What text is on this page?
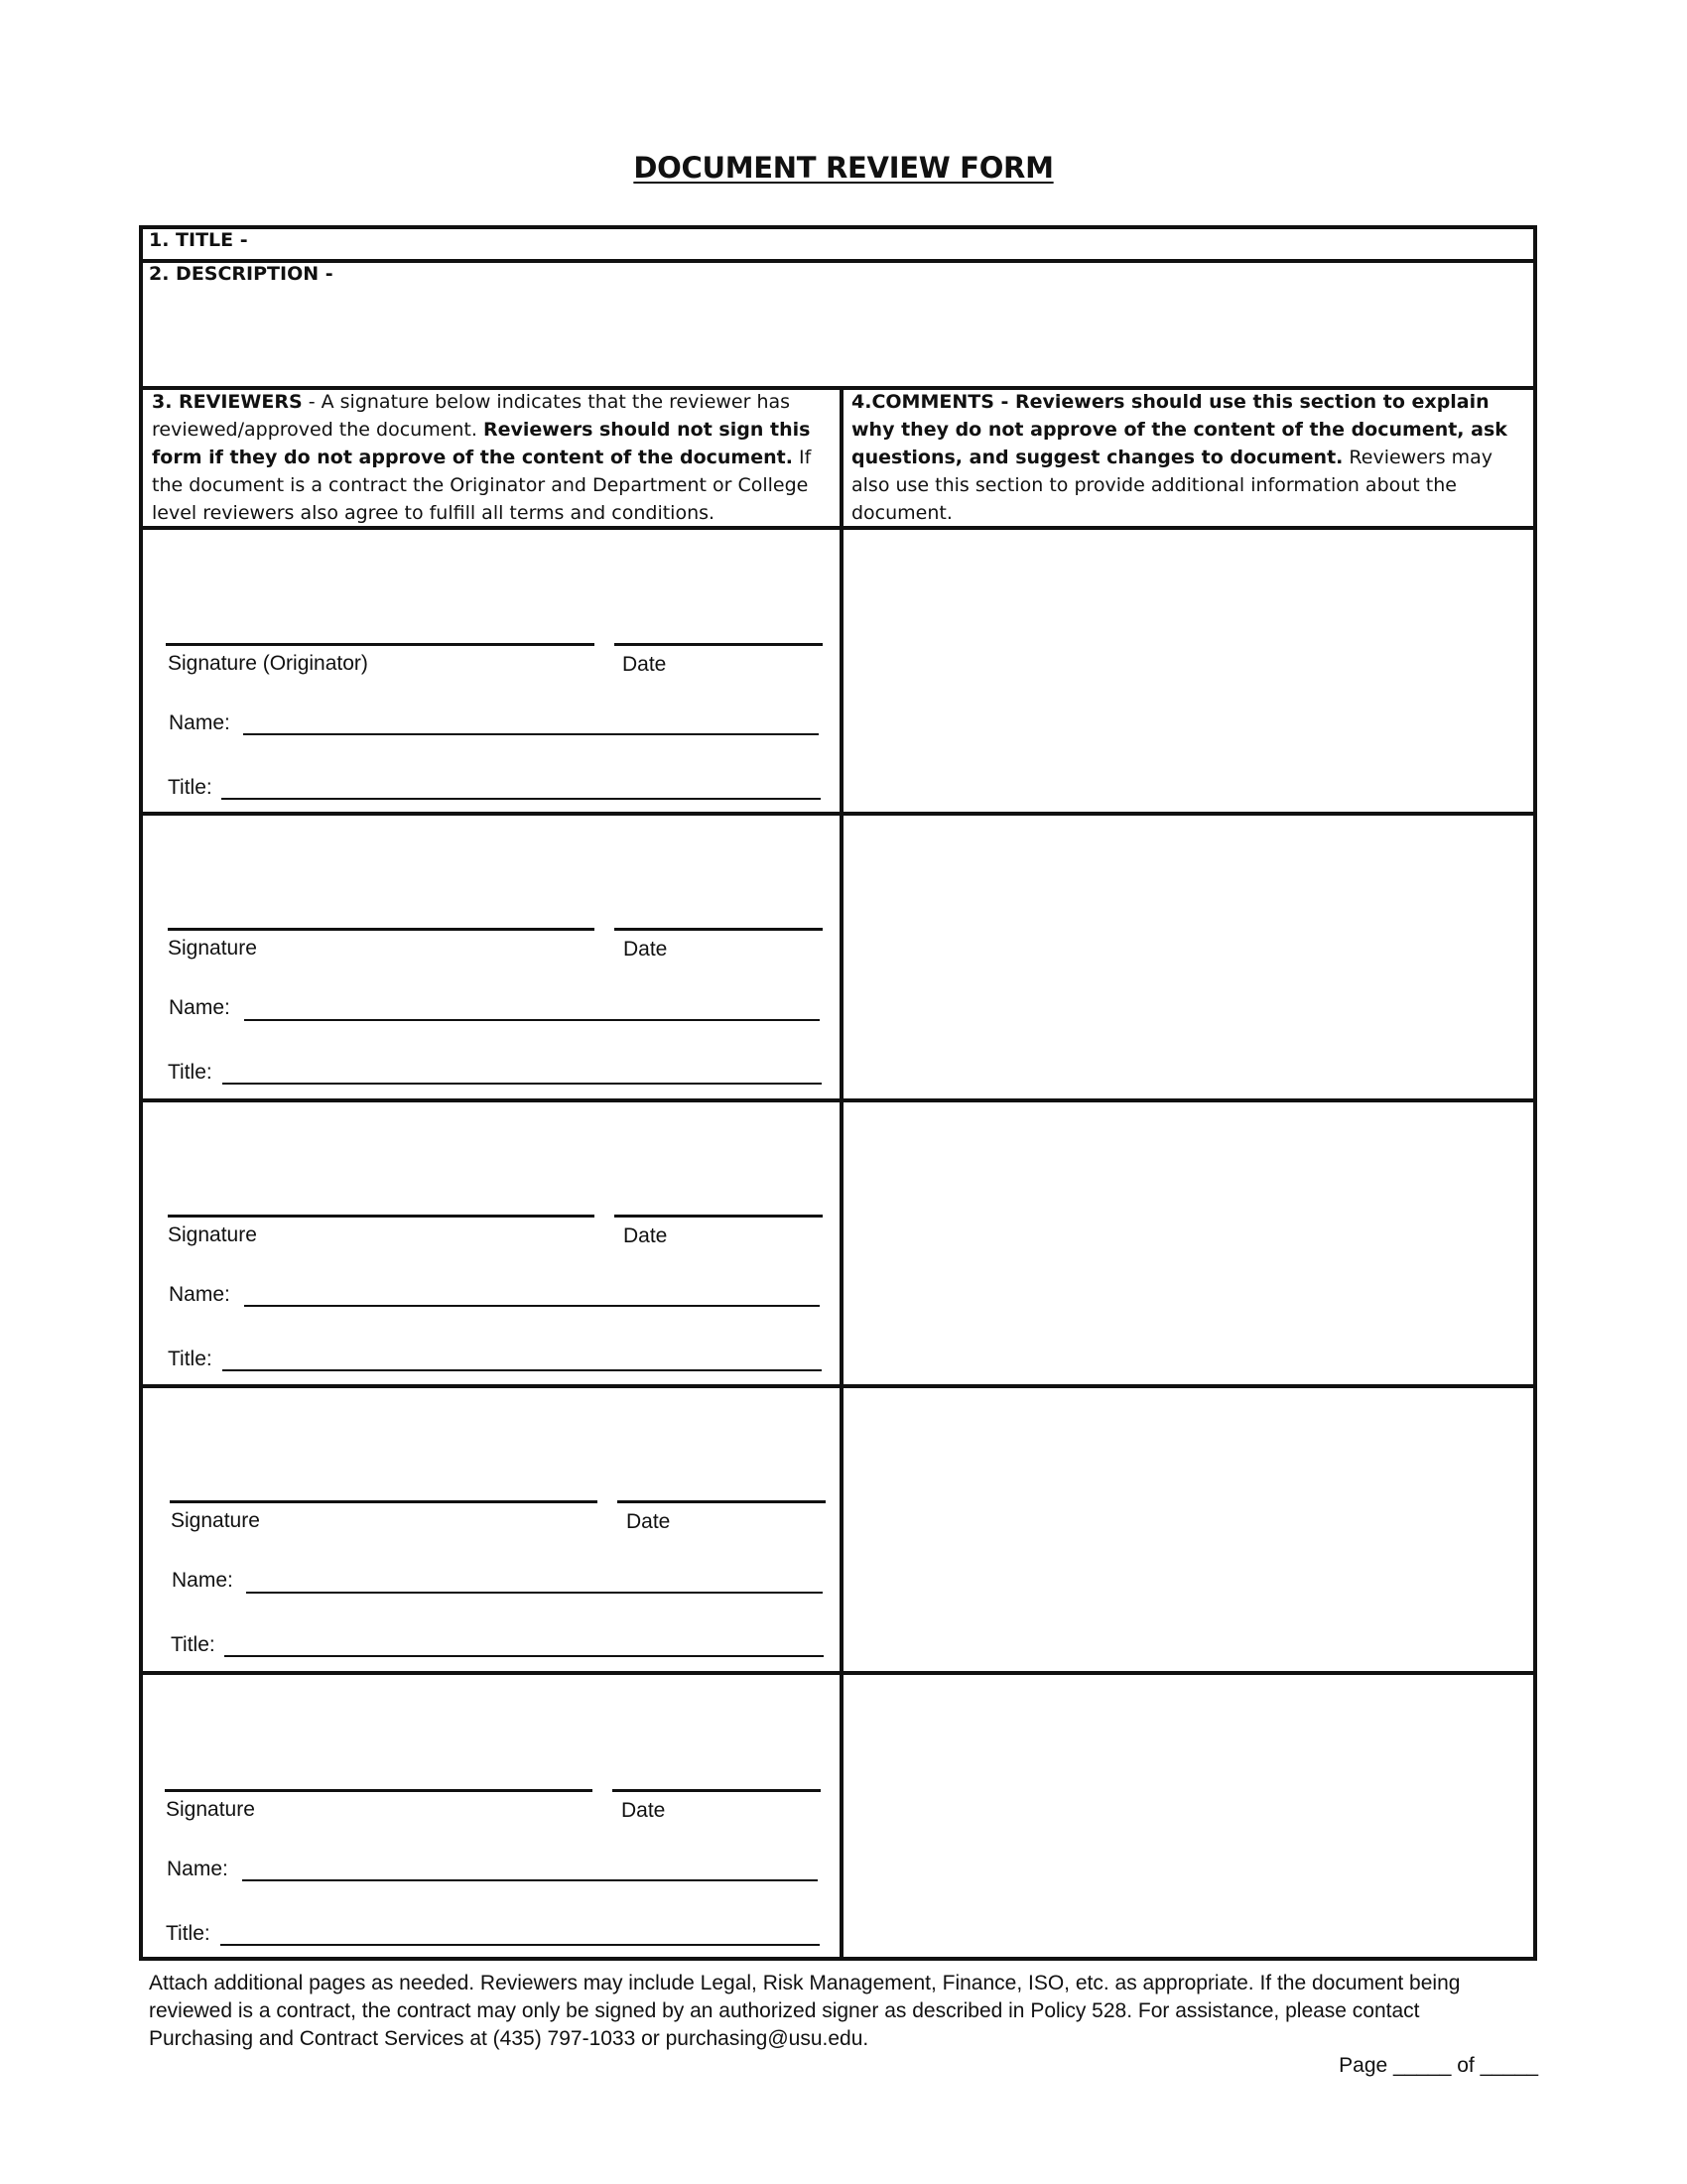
DOCUMENT REVIEW FORM
1. TITLE -
2. DESCRIPTION -
3. REVIEWERS - A signature below indicates that the reviewer has reviewed/approved the document. Reviewers should not sign this form if they do not approve of the content of the document. If the document is a contract the Originator and Department or College level reviewers also agree to fulfill all terms and conditions.
4.COMMENTS - Reviewers should use this section to explain why they do not approve of the content of the document, ask questions, and suggest changes to document. Reviewers may also use this section to provide additional information about the document.
Signature (Originator)	Date
Name:
Title:
Signature	Date
Name:
Title:
Signature	Date
Name:
Title:
Signature	Date
Name:
Title:
Signature	Date
Name:
Title:
Attach additional pages as needed. Reviewers may include Legal, Risk Management, Finance, ISO, etc. as appropriate. If the document being reviewed is a contract, the contract may only be signed by an authorized signer as described in Policy 528. For assistance, please contact Purchasing and Contract Services at (435) 797-1033 or purchasing@usu.edu.
Page _____ of _____
